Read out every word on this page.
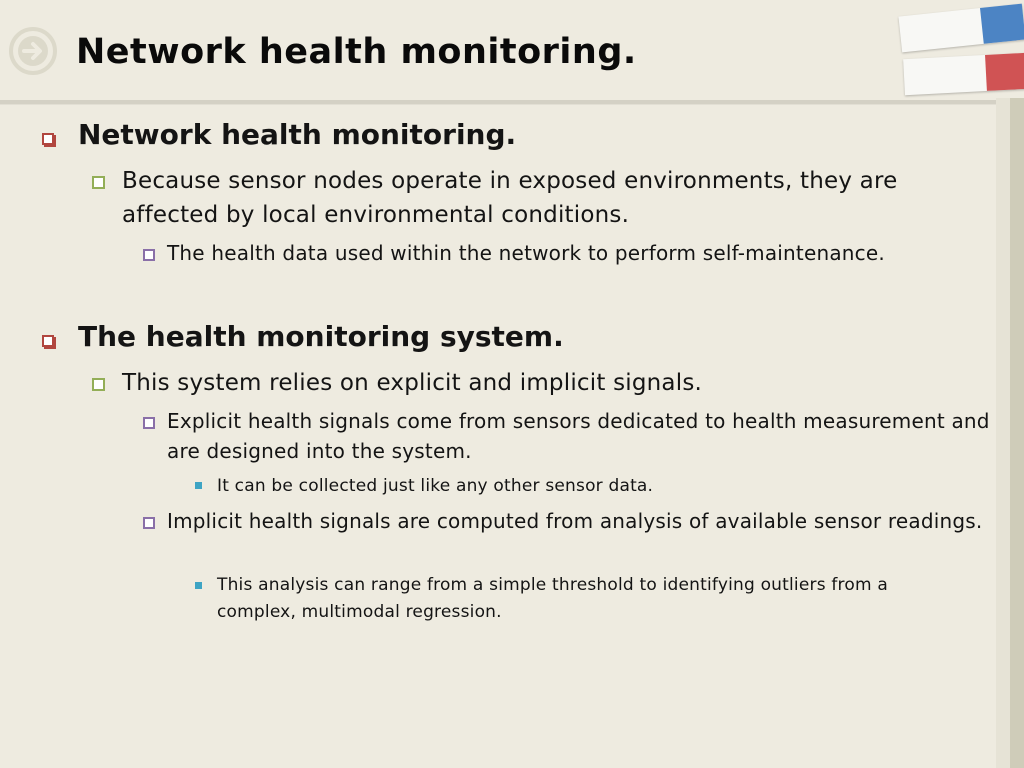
Network health monitoring.
Network health monitoring.
Because sensor nodes operate in exposed environments, they are affected by local environmental conditions.
The health data used within the network to perform self-maintenance.
The health monitoring system.
This system relies on explicit and implicit signals.
Explicit health signals come from sensors dedicated to health measurement and are designed into the system.
It can be collected just like any other sensor data.
Implicit health signals are computed from analysis of available sensor readings.
This analysis can range from a simple threshold to identifying outliers from a complex, multimodal regression.
